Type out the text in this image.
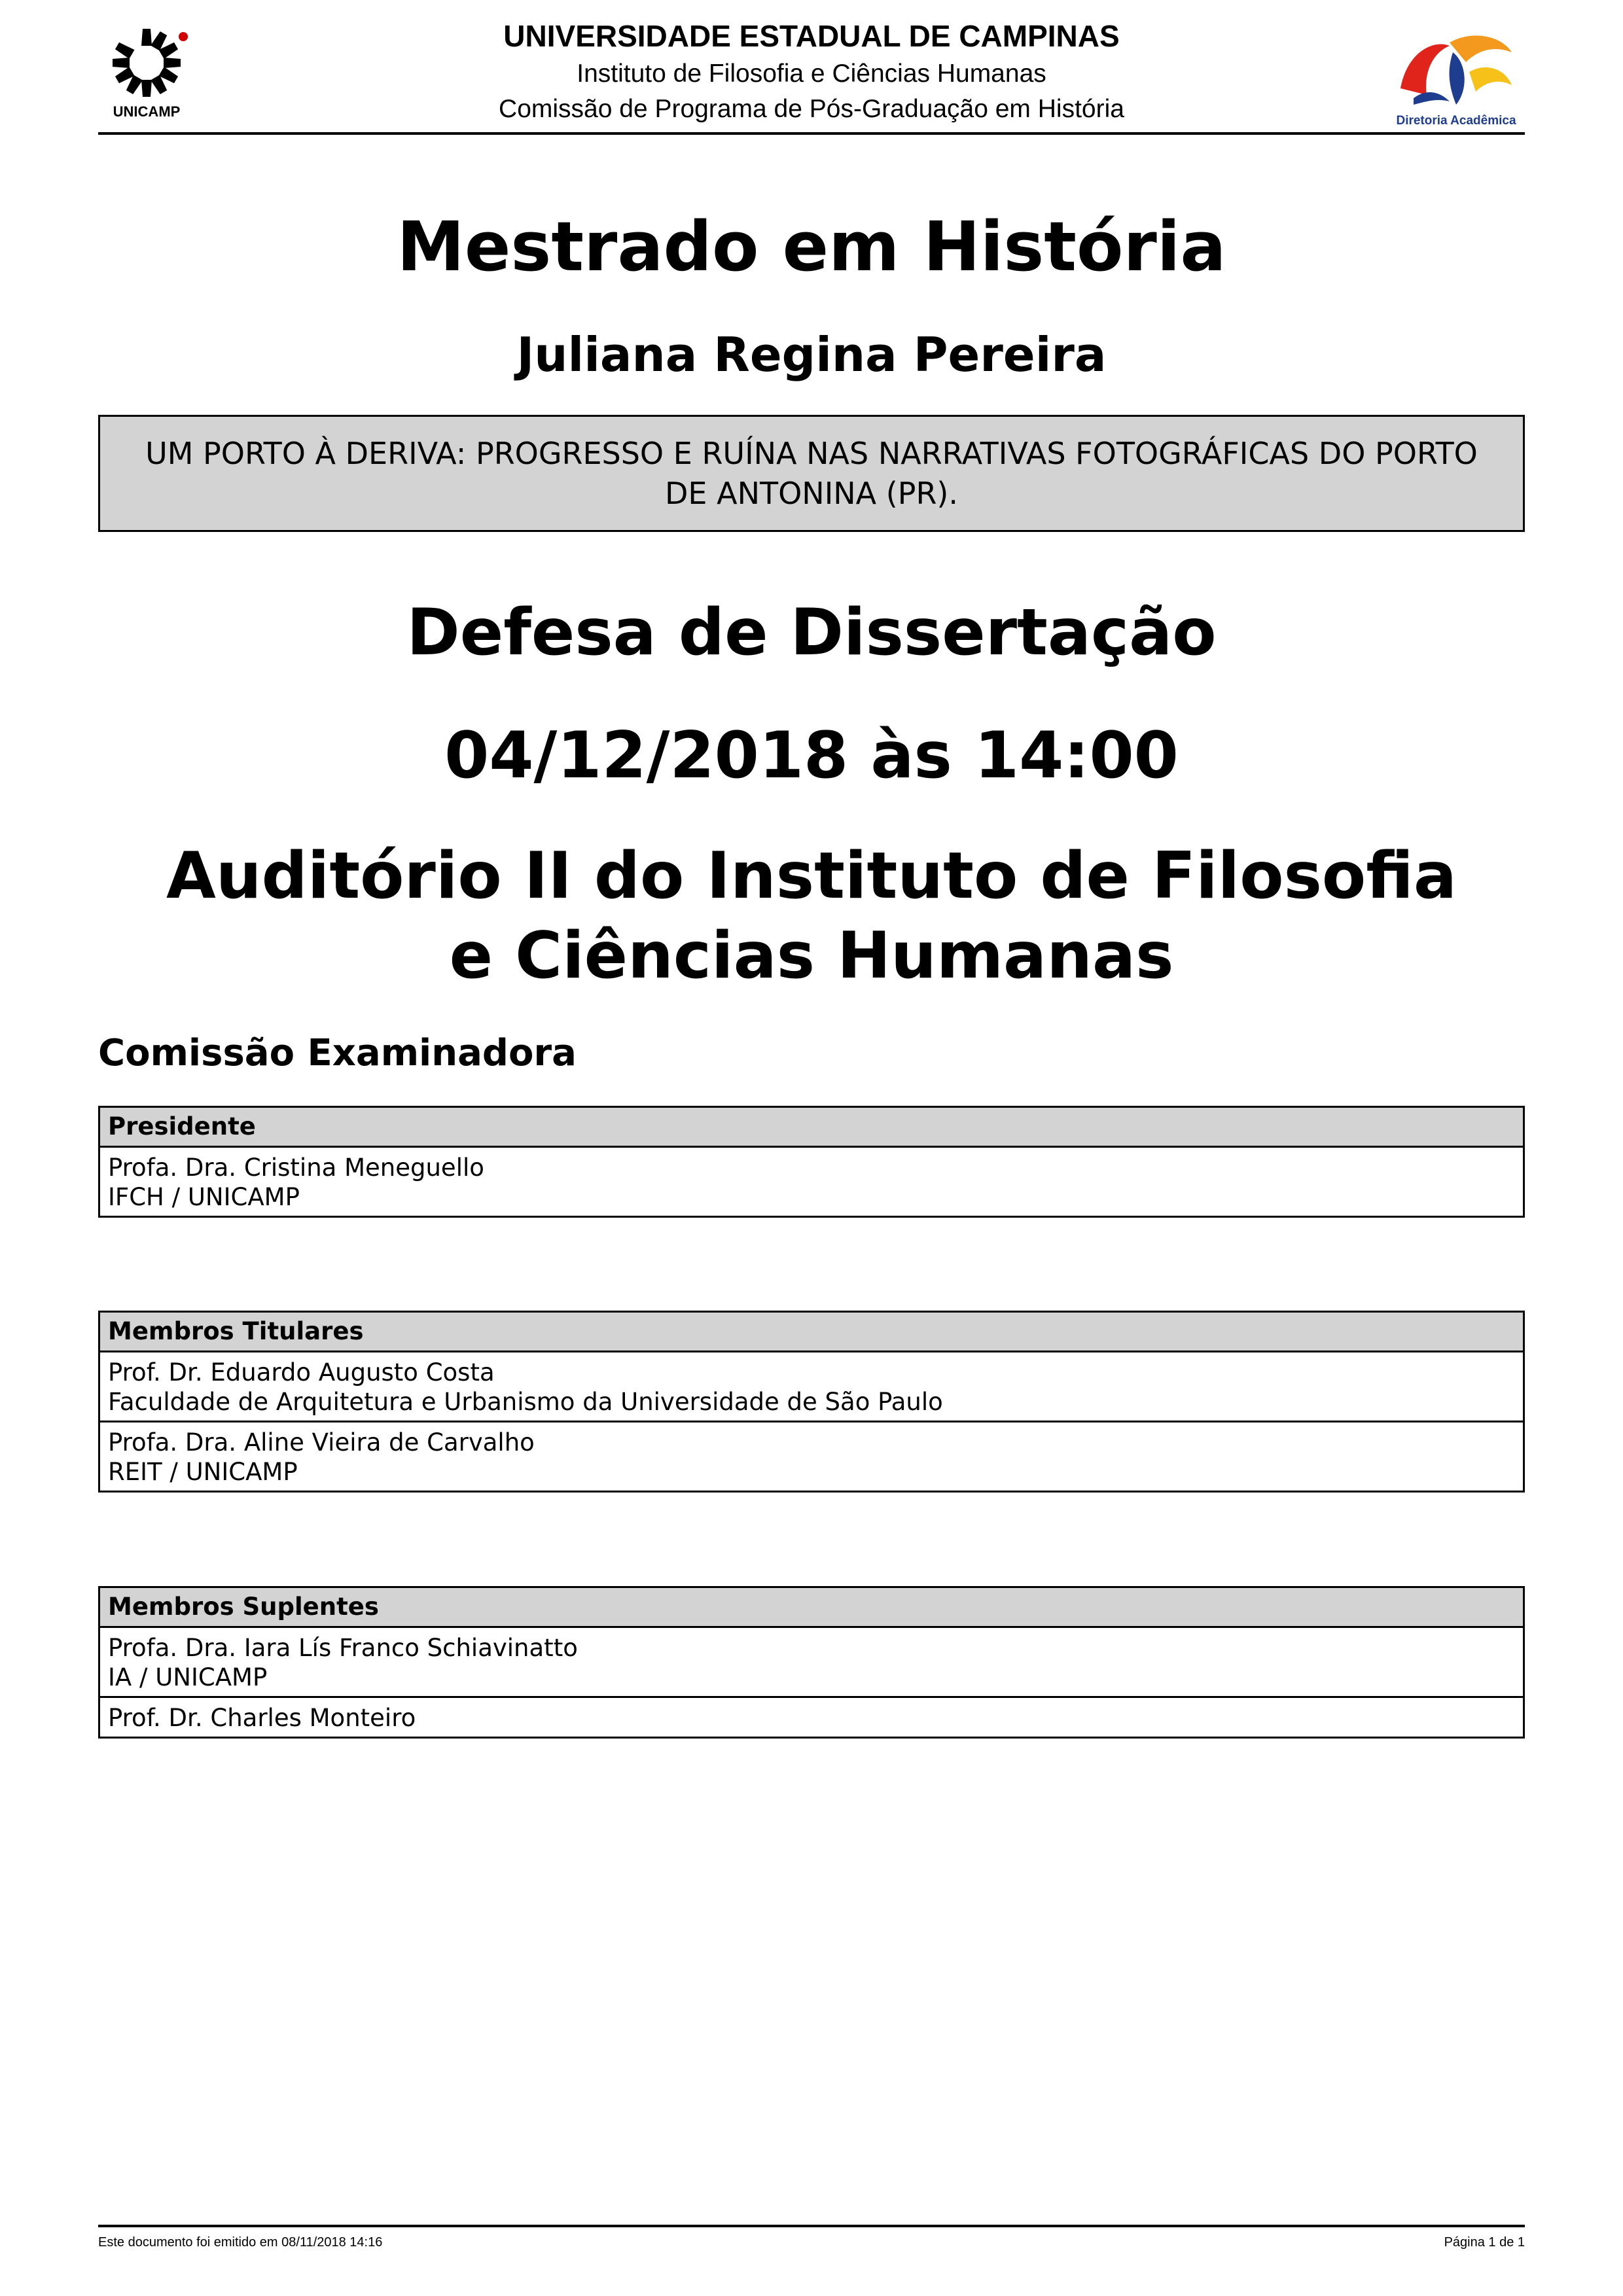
UNICAMP
UNIVERSIDADE ESTADUAL DE CAMPINAS
Instituto de Filosofia e Ciências Humanas
Comissão de Programa de Pós-Graduação em História	Diretoria Acadêmica
Mestrado em História
Juliana Regina Pereira
UM PORTO À DERIVA: PROGRESSO E RUÍNA NAS NARRATIVAS FOTOGRÁFICAS DO PORTO DE ANTONINA (PR).
Defesa de Dissertação
04/12/2018 às 14:00
Auditório II do Instituto de Filosofia e Ciências Humanas
Comissão Examinadora
Presidente
Profa. Dra. Cristina Meneguello
IFCH / UNICAMP
Membros Titulares
Prof. Dr. Eduardo Augusto Costa
Faculdade de Arquitetura e Urbanismo da Universidade de São Paulo
Profa. Dra. Aline Vieira de Carvalho
REIT / UNICAMP
Membros Suplentes
Profa. Dra. Iara Lís Franco Schiavinatto
IA / UNICAMP
Prof. Dr. Charles Monteiro
Este documento foi emitido em 08/11/2018 14:16	Página 1 de 1
